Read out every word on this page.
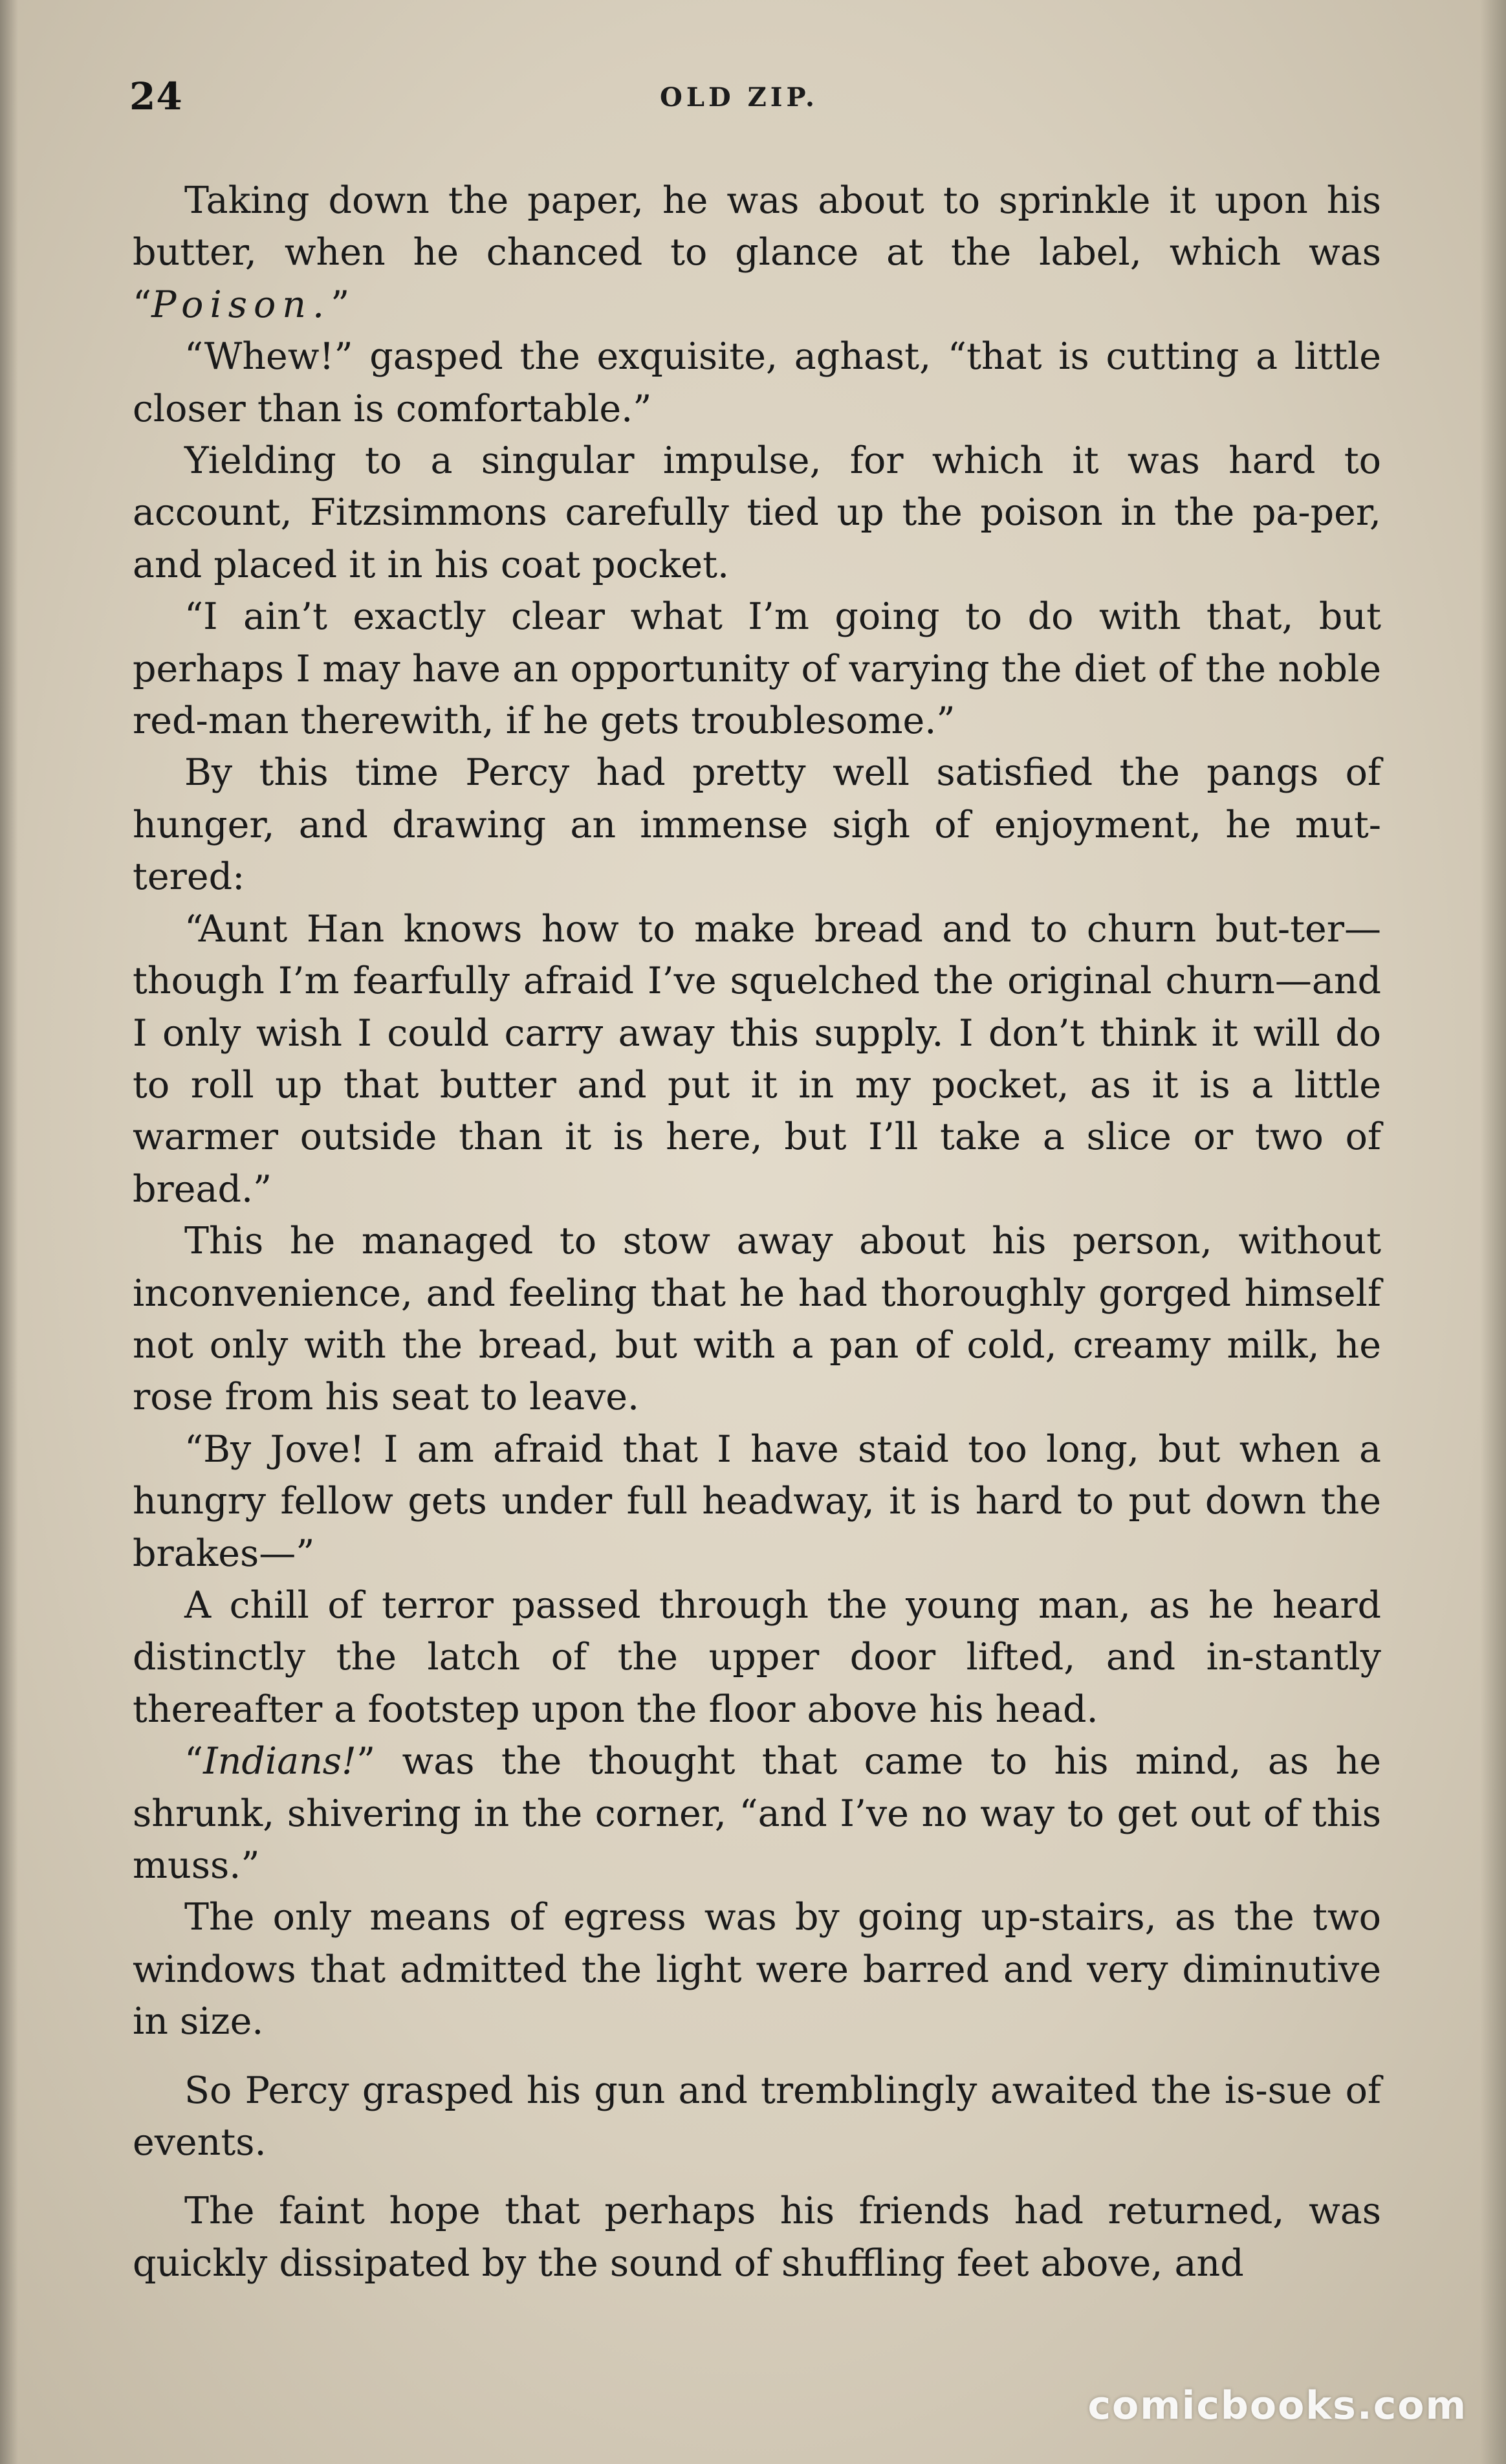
24	OLD ZIP.

Taking down the paper, he was about to sprinkle it upon his butter, when he chanced to glance at the label, which was “Poison.”

“Whew!” gasped the exquisite, aghast, “that is cutting a little closer than is comfortable.”

Yielding to a singular impulse, for which it was hard to account, Fitzsimmons carefully tied up the poison in the pa-per, and placed it in his coat pocket.

“I ain’t exactly clear what I’m going to do with that, but perhaps I may have an opportunity of varying the diet of the noble red-man therewith, if he gets troublesome.”

By this time Percy had pretty well satisfied the pangs of hunger, and drawing an immense sigh of enjoyment, he mut-tered:

“Aunt Han knows how to make bread and to churn but-ter—though I’m fearfully afraid I’ve squelched the original churn—and I only wish I could carry away this supply. I don’t think it will do to roll up that butter and put it in my pocket, as it is a little warmer outside than it is here, but I’ll take a slice or two of bread.”

This he managed to stow away about his person, without inconvenience, and feeling that he had thoroughly gorged himself not only with the bread, but with a pan of cold, creamy milk, he rose from his seat to leave.

“By Jove! I am afraid that I have staid too long, but when a hungry fellow gets under full headway, it is hard to put down the brakes—”

A chill of terror passed through the young man, as he heard distinctly the latch of the upper door lifted, and in-stantly thereafter a footstep upon the floor above his head.

“Indians!” was the thought that came to his mind, as he shrunk, shivering in the corner, “and I’ve no way to get out of this muss.”

The only means of egress was by going up-stairs, as the two windows that admitted the light were barred and very diminutive in size.

So Percy grasped his gun and tremblingly awaited the is-sue of events.

The faint hope that perhaps his friends had returned, was quickly dissipated by the sound of shuffling feet above, and

comicbooks.com
